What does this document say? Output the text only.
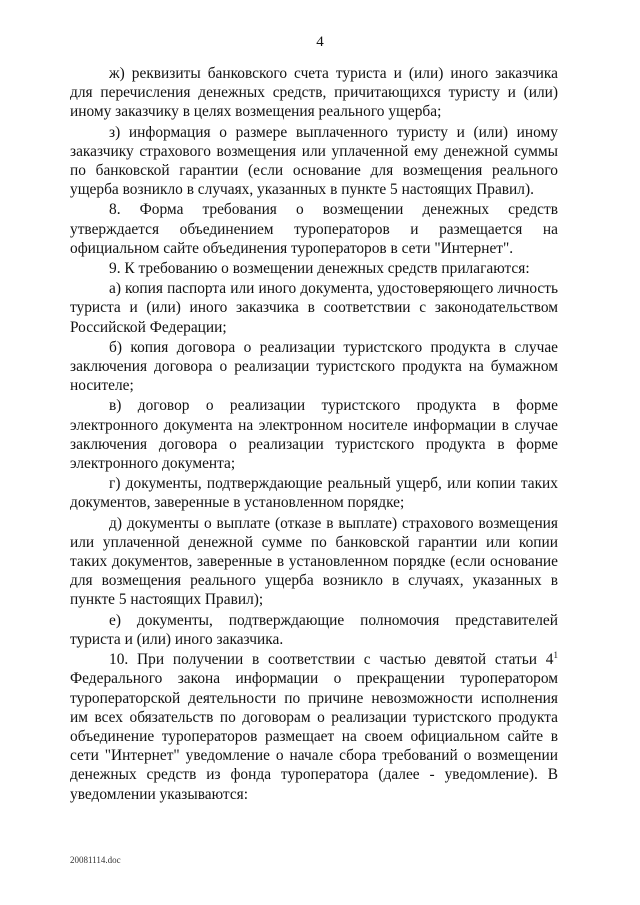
4

ж) реквизиты банковского счета туриста и (или) иного заказчика для перечисления денежных средств, причитающихся туристу и (или) иному заказчику в целях возмещения реального ущерба;

з) информация о размере выплаченного туристу и (или) иному заказчику страхового возмещения или уплаченной ему денежной суммы по банковской гарантии (если основание для возмещения реального ущерба возникло в случаях, указанных в пункте 5 настоящих Правил).

8. Форма требования о возмещении денежных средств утверждается объединением туроператоров и размещается на официальном сайте объединения туроператоров в сети "Интернет".

9. К требованию о возмещении денежных средств прилагаются:

а) копия паспорта или иного документа, удостоверяющего личность туриста и (или) иного заказчика в соответствии с законодательством Российской Федерации;

б) копия договора о реализации туристского продукта в случае заключения договора о реализации туристского продукта на бумажном носителе;

в) договор о реализации туристского продукта в форме электронного документа на электронном носителе информации в случае заключения договора о реализации туристского продукта в форме электронного документа;

г) документы, подтверждающие реальный ущерб, или копии таких документов, заверенные в установленном порядке;

д) документы о выплате (отказе в выплате) страхового возмещения или уплаченной денежной сумме по банковской гарантии или копии таких документов, заверенные в установленном порядке (если основание для возмещения реального ущерба возникло в случаях, указанных в пункте 5 настоящих Правил);

е) документы, подтверждающие полномочия представителей туриста и (или) иного заказчика.

10. При получении в соответствии с частью девятой статьи $4^1$ Федерального закона информации о прекращении туроператором туроператорской деятельности по причине невозможности исполнения им всех обязательств по договорам о реализации туристского продукта объединение туроператоров размещает на своем официальном сайте в сети "Интернет" уведомление о начале сбора требований о возмещении денежных средств из фонда туроператора (далее - уведомление). В уведомлении указываются:

20081114.doc
